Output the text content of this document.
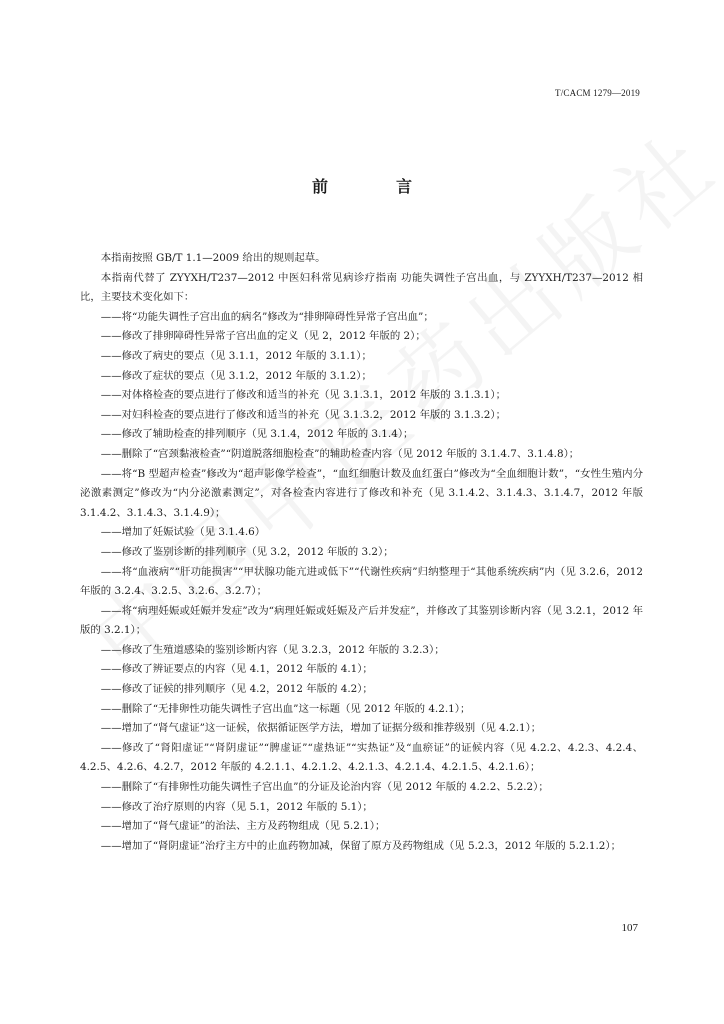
T/CACM 1279—2019
前　言

本指南按照 GB/T 1.1—2009 给出的规则起草。

本指南代替了 ZYYXH/T237—2012 中医妇科常见病诊疗指南 功能失调性子宫出血，与 ZYYXH/T237—2012 相比，主要技术变化如下：

——将“功能失调性子宫出血的病名”修改为“排卵障碍性异常子宫出血”；

——修改了排卵障碍性异常子宫出血的定义（见 2，2012 年版的 2）；

——修改了病史的要点（见 3.1.1，2012 年版的 3.1.1）；

——修改了症状的要点（见 3.1.2，2012 年版的 3.1.2）；

——对体格检查的要点进行了修改和适当的补充（见 3.1.3.1，2012 年版的 3.1.3.1）；

——对妇科检查的要点进行了修改和适当的补充（见 3.1.3.2，2012 年版的 3.1.3.2）；

——修改了辅助检查的排列顺序（见 3.1.4，2012 年版的 3.1.4）；

——删除了“宫颈黏液检查”“阴道脱落细胞检查”的辅助检查内容（见 2012 年版的 3.1.4.7、3.1.4.8）；

——将“B 型超声检查”修改为“超声影像学检查”，“血红细胞计数及血红蛋白”修改为“全血细胞计数”，“女性生殖内分泌激素测定”修改为“内分泌激素测定”，对各检查内容进行了修改和补充（见 3.1.4.2、3.1.4.3、3.1.4.7，2012 年版 3.1.4.2、3.1.4.3、3.1.4.9）；

——增加了妊娠试验（见 3.1.4.6）

——修改了鉴别诊断的排列顺序（见 3.2，2012 年版的 3.2）；

——将“血液病”“肝功能损害”“甲状腺功能亢进或低下”“代谢性疾病”归纳整理于“其他系统疾病”内（见 3.2.6，2012 年版的 3.2.4、3.2.5、3.2.6、3.2.7）；

——将“病理妊娠或妊娠并发症”改为“病理妊娠或妊娠及产后并发症”，并修改了其鉴别诊断内容（见 3.2.1，2012 年版的 3.2.1）；

——修改了生殖道感染的鉴别诊断内容（见 3.2.3，2012 年版的 3.2.3）；

——修改了辨证要点的内容（见 4.1，2012 年版的 4.1）；

——修改了证候的排列顺序（见 4.2，2012 年版的 4.2）；

——删除了“无排卵性功能失调性子宫出血”这一标题（见 2012 年版的 4.2.1）；

——增加了“肾气虚证”这一证候，依据循证医学方法，增加了证据分级和推荐级别（见 4.2.1）；

——修改了“肾阳虚证”“肾阴虚证”“脾虚证”“虚热证”“实热证”及“血瘀证”的证候内容（见 4.2.2、4.2.3、4.2.4、4.2.5、4.2.6、4.2.7，2012 年版的 4.2.1.1、4.2.1.2、4.2.1.3、4.2.1.4、4.2.1.5、4.2.1.6）；

——删除了“有排卵性功能失调性子宫出血”的分证及论治内容（见 2012 年版的 4.2.2、5.2.2）；

——修改了治疗原则的内容（见 5.1，2012 年版的 5.1）；

——增加了“肾气虚证”的治法、主方及药物组成（见 5.2.1）；

——增加了“肾阴虚证”治疗主方中的止血药物加减，保留了原方及药物组成（见 5.2.3，2012 年版的 5.2.1.2）；

107
